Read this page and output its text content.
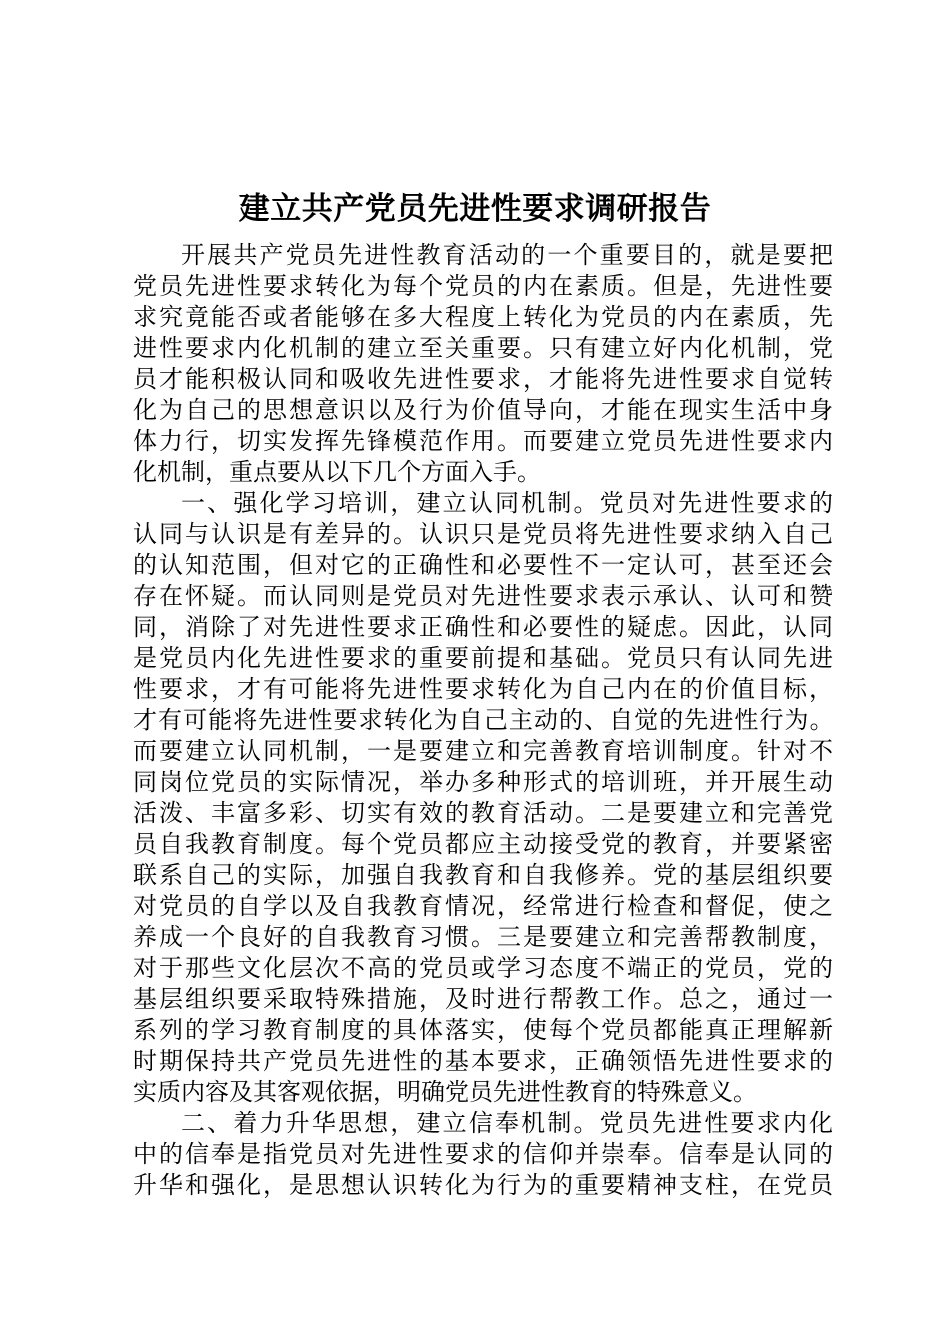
建立共产党员先进性要求调研报告
开展共产党员先进性教育活动的一个重要目的，就是要把
党员先进性要求转化为每个党员的内在素质。但是，先进性要
求究竟能否或者能够在多大程度上转化为党员的内在素质，先
进性要求内化机制的建立至关重要。只有建立好内化机制，党
员才能积极认同和吸收先进性要求，才能将先进性要求自觉转
化为自己的思想意识以及行为价值导向，才能在现实生活中身
体力行，切实发挥先锋模范作用。而要建立党员先进性要求内
化机制，重点要从以下几个方面入手。
一、强化学习培训，建立认同机制。党员对先进性要求的
认同与认识是有差异的。认识只是党员将先进性要求纳入自己
的认知范围，但对它的正确性和必要性不一定认可，甚至还会
存在怀疑。而认同则是党员对先进性要求表示承认、认可和赞
同，消除了对先进性要求正确性和必要性的疑虑。因此，认同
是党员内化先进性要求的重要前提和基础。党员只有认同先进
性要求，才有可能将先进性要求转化为自己内在的价值目标，
才有可能将先进性要求转化为自己主动的、自觉的先进性行为。
而要建立认同机制，一是要建立和完善教育培训制度。针对不
同岗位党员的实际情况，举办多种形式的培训班，并开展生动
活泼、丰富多彩、切实有效的教育活动。二是要建立和完善党
员自我教育制度。每个党员都应主动接受党的教育，并要紧密
联系自己的实际，加强自我教育和自我修养。党的基层组织要
对党员的自学以及自我教育情况，经常进行检查和督促，使之
养成一个良好的自我教育习惯。三是要建立和完善帮教制度，
对于那些文化层次不高的党员或学习态度不端正的党员，党的
基层组织要采取特殊措施，及时进行帮教工作。总之，通过一
系列的学习教育制度的具体落实，使每个党员都能真正理解新
时期保持共产党员先进性的基本要求，正确领悟先进性要求的
实质内容及其客观依据，明确党员先进性教育的特殊意义。
二、着力升华思想，建立信奉机制。党员先进性要求内化
中的信奉是指党员对先进性要求的信仰并崇奉。信奉是认同的
升华和强化，是思想认识转化为行为的重要精神支柱，在党员
